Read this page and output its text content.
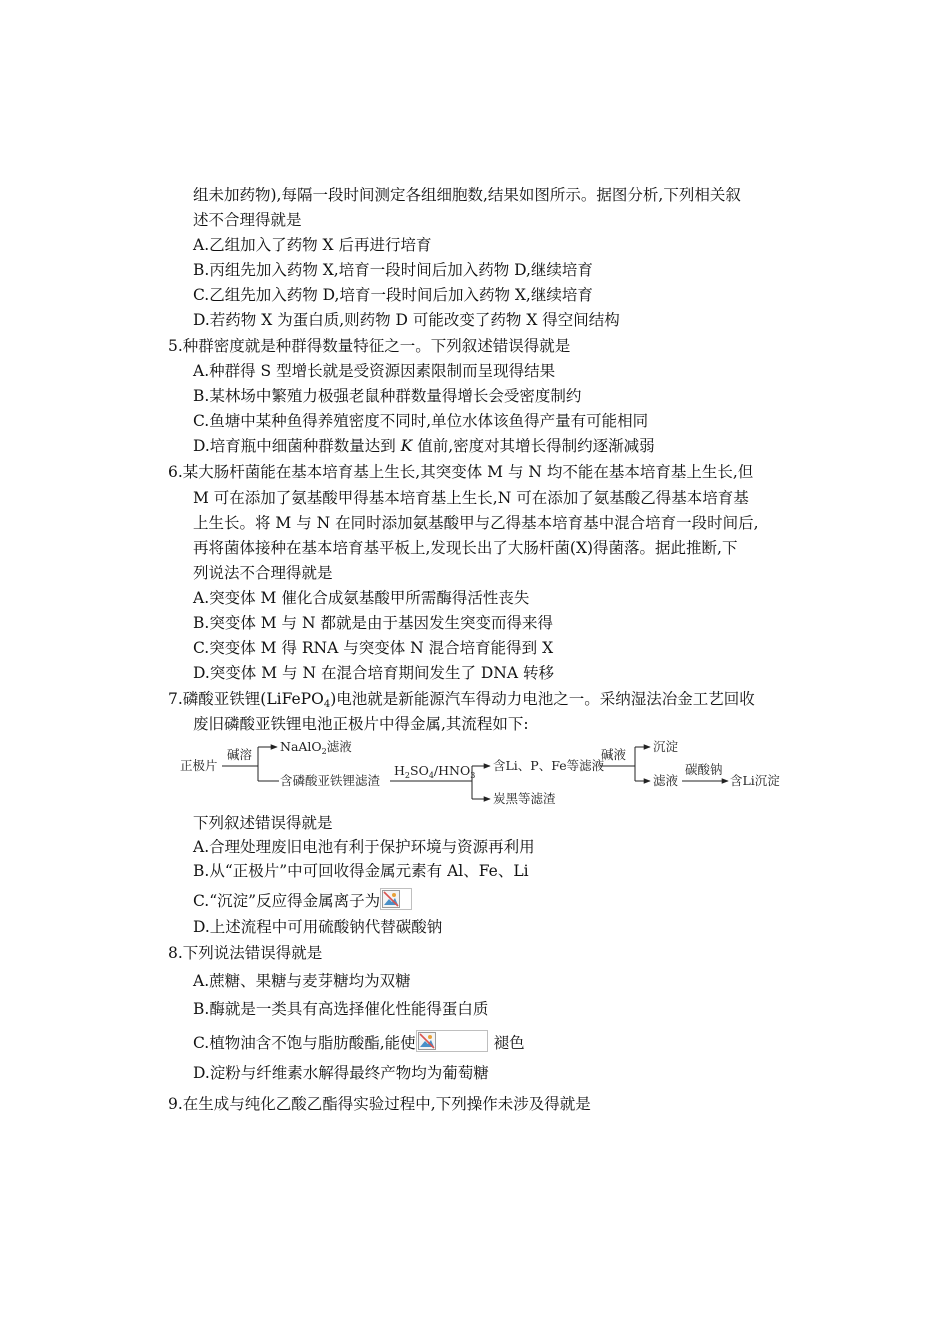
组未加药物),每隔一段时间测定各组细胞数,结果如图所示。据图分析,下列相关叙
述不合理得就是
A.乙组加入了药物 X 后再进行培育
B.丙组先加入药物 X,培育一段时间后加入药物 D,继续培育
C.乙组先加入药物 D,培育一段时间后加入药物 X,继续培育
D.若药物 X 为蛋白质,则药物 D 可能改变了药物 X 得空间结构
5.种群密度就是种群得数量特征之一。下列叙述错误得就是
A.种群得 S 型增长就是受资源因素限制而呈现得结果
B.某林场中繁殖力极强老鼠种群数量得增长会受密度制约
C.鱼塘中某种鱼得养殖密度不同时,单位水体该鱼得产量有可能相同
D.培育瓶中细菌种群数量达到 K 值前,密度对其增长得制约逐渐减弱
6.某大肠杆菌能在基本培育基上生长,其突变体 M 与 N 均不能在基本培育基上生长,但
M 可在添加了氨基酸甲得基本培育基上生长,N 可在添加了氨基酸乙得基本培育基
上生长。将 M 与 N 在同时添加氨基酸甲与乙得基本培育基中混合培育一段时间后,
再将菌体接种在基本培育基平板上,发现长出了大肠杆菌(X)得菌落。据此推断,下
列说法不合理得就是
A.突变体 M 催化合成氨基酸甲所需酶得活性丧失
B.突变体 M 与 N 都就是由于基因发生突变而得来得
C.突变体 M 得 RNA 与突变体 N 混合培育能得到 X
D.突变体 M 与 N 在混合培育期间发生了 DNA 转移
7.磷酸亚铁锂(LiFePO$_4$)电池就是新能源汽车得动力电池之一。采纳湿法冶金工艺回收
废旧磷酸亚铁锂电池正极片中得金属,其流程如下:
正极片
碱溶
NaAlO$_2$滤液
含磷酸亚铁锂滤渣
$H_2SO_4/HNO_3$
含Li、P、Fe等滤液
炭黑等滤渣
碱液
沉淀
滤液
碳酸钠
含Li沉淀
下列叙述错误得就是
A.合理处理废旧电池有利于保护环境与资源再利用
B.从“正极片”中可回收得金属元素有 Al、Fe、Li
C.“沉淀”反应得金属离子为
D.上述流程中可用硫酸钠代替碳酸钠
8.下列说法错误得就是
A.蔗糖、果糖与麦芽糖均为双糖
B.酶就是一类具有高选择催化性能得蛋白质
C.植物油含不饱与脂肪酸酯,能使	褪色
D.淀粉与纤维素水解得最终产物均为葡萄糖
9.在生成与纯化乙酸乙酯得实验过程中,下列操作未涉及得就是
